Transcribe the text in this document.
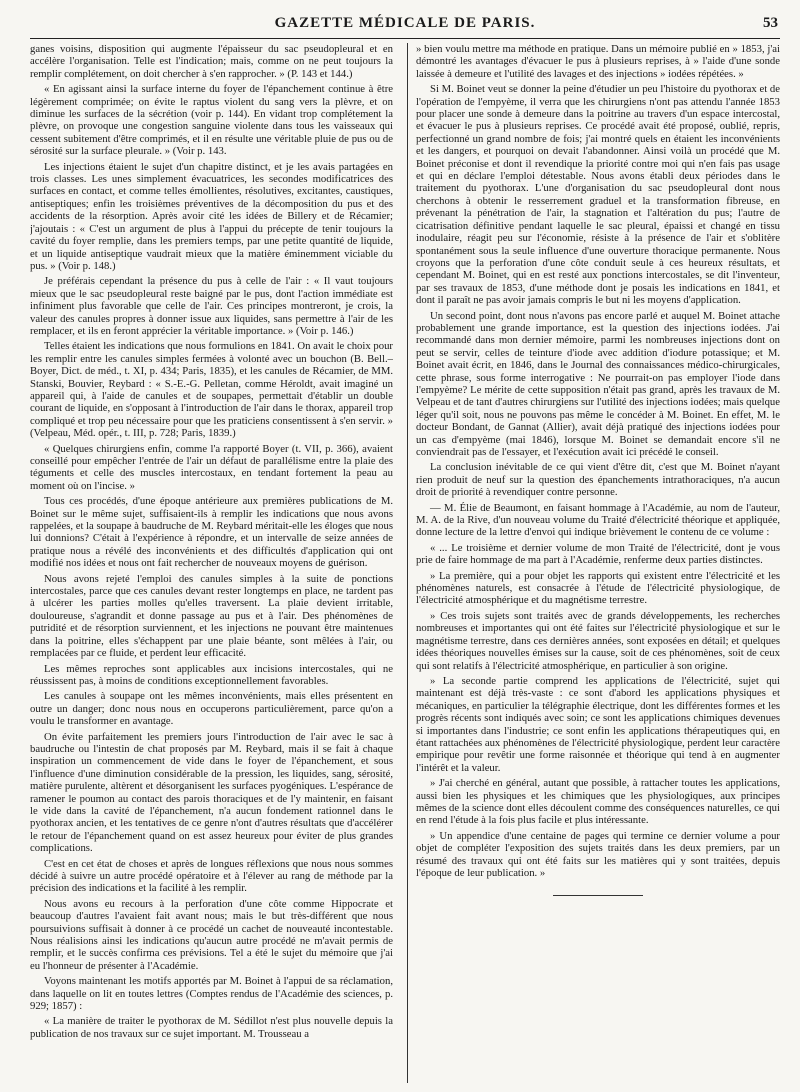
GAZETTE MÉDICALE DE PARIS.	53

ganes voisins, disposition qui augmente l'épaisseur du sac pseudopleural et en accélère l'organisation. Telle est l'indication; mais, comme on ne peut toujours la remplir complétement, on doit chercher à s'en rapprocher. » (P. 143 et 144.)

« En agissant ainsi la surface interne du foyer de l'épanchement continue à être légèrement comprimée; on évite le raptus violent du sang vers la plèvre, et on diminue les surfaces de la sécrétion (voir p. 144). En vidant trop complétement la plèvre, on provoque une congestion sanguine violente dans tous les vaisseaux qui cessent subitement d'être comprimés, et il en résulte une véritable pluie de pus ou de sérosité sur la surface pleurale. » (Voir p. 143.

Les injections étaient le sujet d'un chapitre distinct, et je les avais partagées en trois classes. Les unes simplement évacuatrices, les secondes modificatrices des surfaces en contact, et comme telles émollientes, résolutives, excitantes, caustiques, antiseptiques; enfin les troisièmes préventives de la décomposition du pus et des accidents de la résorption. Après avoir cité les idées de Billery et de Récamier; j'ajoutais : « C'est un argument de plus à l'appui du précepte de tenir toujours la cavité du foyer remplie, dans les premiers temps, par une petite quantité de liquide, et un liquide antiseptique vaudrait mieux que la matière éminemment viciable du pus. » (Voir p. 148.)

Je préférais cependant la présence du pus à celle de l'air : « Il vaut toujours mieux que le sac pseudopleural reste baigné par le pus, dont l'action immédiate est infiniment plus favorable que celle de l'air. Ces principes montreront, je crois, la valeur des canules propres à donner issue aux liquides, sans permettre à l'air de les remplacer, et ils en feront apprécier la véritable importance. » (Voir p. 146.)

Telles étaient les indications que nous formulions en 1841. On avait le choix pour les remplir entre les canules simples fermées à volonté avec un bouchon (B. Bell.–Boyer, Dict. de méd., t. XI, p. 434; Paris, 1835), et les canules de Récamier, de MM. Stanski, Bouvier, Reybard : « S.-E.-G. Pelletan, comme Héroldt, avait imaginé un appareil qui, à l'aide de canules et de soupapes, permettait d'établir un double courant de liquide, en s'opposant à l'introduction de l'air dans le thorax, appareil trop compliqué et trop peu nécessaire pour que les praticiens consentissent à s'en servir. » (Velpeau, Méd. opér., t. III, p. 728; Paris, 1839.)

« Quelques chirurgiens enfin, comme l'a rapporté Boyer (t. VII, p. 366), avaient conseillé pour empêcher l'entrée de l'air un défaut de parallélisme entre la plaie des téguments et celle des muscles intercostaux, en tendant fortement la peau au moment où on l'incise. »

Tous ces procédés, d'une époque antérieure aux premières publications de M. Boinet sur le même sujet, suffisaient-ils à remplir les indications que nous avons rappelées, et la soupape à baudruche de M. Reybard méritait-elle les éloges que nous lui donnions? C'était à l'expérience à répondre, et un intervalle de seize années de pratique nous a révélé des inconvénients et des difficultés d'application qui ont modifié nos idées et nous ont fait rechercher de nouveaux moyens de guérison.

Nous avons rejeté l'emploi des canules simples à la suite de ponctions intercostales, parce que ces canules devant rester longtemps en place, ne tardent pas à ulcérer les parties molles qu'elles traversent. La plaie devient irritable, douloureuse, s'agrandit et donne passage au pus et à l'air. Des phénomènes de putridité et de résorption surviennent, et les injections ne pouvant être maintenues dans la poitrine, elles s'échappent par une plaie béante, sont mêlées à l'air, ou remplacées par ce fluide, et perdent leur efficacité.

Les mêmes reproches sont applicables aux incisions intercostales, qui ne réussissent pas, à moins de conditions exceptionnellement favorables.

Les canules à soupape ont les mêmes inconvénients, mais elles présentent en outre un danger; donc nous nous en occuperons particulièrement, parce qu'on a voulu le transformer en avantage.

On évite parfaitement les premiers jours l'introduction de l'air avec le sac à baudruche ou l'intestin de chat proposés par M. Reybard, mais il se fait à chaque inspiration un commencement de vide dans le foyer de l'épanchement, et sous l'influence d'une diminution considérable de la pression, les liquides, sang, sérosité, matière purulente, altèrent et désorganisent les surfaces pyogéniques. L'espérance de ramener le poumon au contact des parois thoraciques et de l'y maintenir, en faisant le vide dans la cavité de l'épanchement, n'a aucun fondement rationnel dans le pyothorax ancien, et les tentatives de ce genre n'ont d'autres résultats que d'accélérer le retour de l'épanchement quand on est assez heureux pour éviter de plus grandes complications.

C'est en cet état de choses et après de longues réflexions que nous nous sommes décidé à suivre un autre procédé opératoire et à l'élever au rang de méthode par la précision des indications et la facilité à les remplir.

Nous avons eu recours à la perforation d'une côte comme Hippocrate et beaucoup d'autres l'avaient fait avant nous; mais le but très-différent que nous poursuivions suffisait à donner à ce procédé un cachet de nouveauté incontestable. Nous réalisions ainsi les indications qu'aucun autre procédé ne m'avait permis de remplir, et le succès confirma ces prévisions. Tel a été le sujet du mémoire que j'ai eu l'honneur de présenter à l'Académie.

Voyons maintenant les motifs apportés par M. Boinet à l'appui de sa réclamation, dans laquelle on lit en toutes lettres (Comptes rendus de l'Académie des sciences, p. 929; 1857) :

« La manière de traiter le pyothorax de M. Sédillot n'est plus nouvelle depuis la publication de nos travaux sur ce sujet important. M. Trousseau a

» bien voulu mettre ma méthode en pratique. Dans un mémoire publié en » 1853, j'ai démontré les avantages d'évacuer le pus à plusieurs reprises, à » l'aide d'une sonde laissée à demeure et l'utilité des lavages et des injections » iodées répétées. »

Si M. Boinet veut se donner la peine d'étudier un peu l'histoire du pyothorax et de l'opération de l'empyème, il verra que les chirurgiens n'ont pas attendu l'année 1853 pour placer une sonde à demeure dans la poitrine au travers d'un espace intercostal, et évacuer le pus à plusieurs reprises. Ce procédé avait été proposé, oublié, repris, perfectionné un grand nombre de fois; j'ai montré quels en étaient les inconvénients et les dangers, et pourquoi on devait l'abandonner. Ainsi voilà un procédé que M. Boinet préconise et dont il revendique la priorité contre moi qui n'en fais pas usage et qui en déclare l'emploi détestable. Nous avons établi deux périodes dans le traitement du pyothorax. L'une d'organisation du sac pseudopleural dont nous cherchons à obtenir le resserrement graduel et la transformation fibreuse, en prévenant la pénétration de l'air, la stagnation et l'altération du pus; l'autre de cicatrisation définitive pendant laquelle le sac pleural, épaissi et changé en tissu inodulaire, réagit peu sur l'économie, résiste à la présence de l'air et s'oblitère spontanément sous la seule influence d'une ouverture thoracique permanente. Nous croyons que la perforation d'une côte conduit seule à ces heureux résultats, et cependant M. Boinet, qui en est resté aux ponctions intercostales, se dit l'inventeur, par ses travaux de 1853, d'une méthode dont je posais les indications en 1841, et dont il paraît ne pas avoir jamais compris le but ni les moyens d'application.

Un second point, dont nous n'avons pas encore parlé et auquel M. Boinet attache probablement une grande importance, est la question des injections iodées. J'ai recommandé dans mon dernier mémoire, parmi les nombreuses injections dont on peut se servir, celles de teinture d'iode avec addition d'iodure potassique; et M. Boinet avait écrit, en 1846, dans le Journal des connaissances médico-chirurgicales, cette phrase, sous forme interrogative : Ne pourrait-on pas employer l'iode dans l'empyème? Le mérite de cette supposition n'était pas grand, après les travaux de M. Velpeau et de tant d'autres chirurgiens sur l'utilité des injections iodées; mais quelque léger qu'il soit, nous ne pouvons pas même le concéder à M. Boinet. En effet, M. le docteur Bondant, de Gannat (Allier), avait déjà pratiqué des injections iodées pour un cas d'empyème (mai 1846), lorsque M. Boinet se demandait encore s'il ne conviendrait pas de l'essayer, et l'exécution avait ici précédé le conseil.

La conclusion inévitable de ce qui vient d'être dit, c'est que M. Boinet n'ayant rien produit de neuf sur la question des épanchements intrathoraciques, n'a aucun droit de priorité à revendiquer contre personne.

— M. Élie de Beaumont, en faisant hommage à l'Académie, au nom de l'auteur, M. A. de la Rive, d'un nouveau volume du Traité d'électricité théorique et appliquée, donne lecture de la lettre d'envoi qui indique brièvement le contenu de ce volume :

« ... Le troisième et dernier volume de mon Traité de l'électricité, dont je vous prie de faire hommage de ma part à l'Académie, renferme deux parties distinctes.

» La première, qui a pour objet les rapports qui existent entre l'électricité et les phénomènes naturels, est consacrée à l'étude de l'électricité physiologique, de l'électricité atmosphérique et du magnétisme terrestre.

» Ces trois sujets sont traités avec de grands développements, les recherches nombreuses et importantes qui ont été faites sur l'électricité physiologique et sur le magnétisme terrestre, dans ces dernières années, sont exposées en détail; et quelques idées théoriques nouvelles émises sur la cause, soit de ces phénomènes, soit de ceux qui sont relatifs à l'électricité atmosphérique, en particulier à son origine.

» La seconde partie comprend les applications de l'électricité, sujet qui maintenant est déjà très-vaste : ce sont d'abord les applications physiques et mécaniques, en particulier la télégraphie électrique, dont les différentes formes et les progrès récents sont indiqués avec soin; ce sont les applications chimiques devenues si importantes dans l'industrie; ce sont enfin les applications thérapeutiques qui, en étant rattachées aux phénomènes de l'électricité physiologique, perdent leur caractère empirique pour revêtir une forme raisonnée et théorique qui tend à en augmenter l'intérêt et la valeur.

» J'ai cherché en général, autant que possible, à rattacher toutes les applications, aussi bien les physiques et les chimiques que les physiologiques, aux principes mêmes de la science dont elles découlent comme des conséquences naturelles, ce qui en rend l'étude à la fois plus facile et plus intéressante.

» Un appendice d'une centaine de pages qui termine ce dernier volume a pour objet de compléter l'exposition des sujets traités dans les deux premiers, par un résumé des travaux qui ont été faits sur les matières qui y sont traitées, depuis l'époque de leur publication. »
